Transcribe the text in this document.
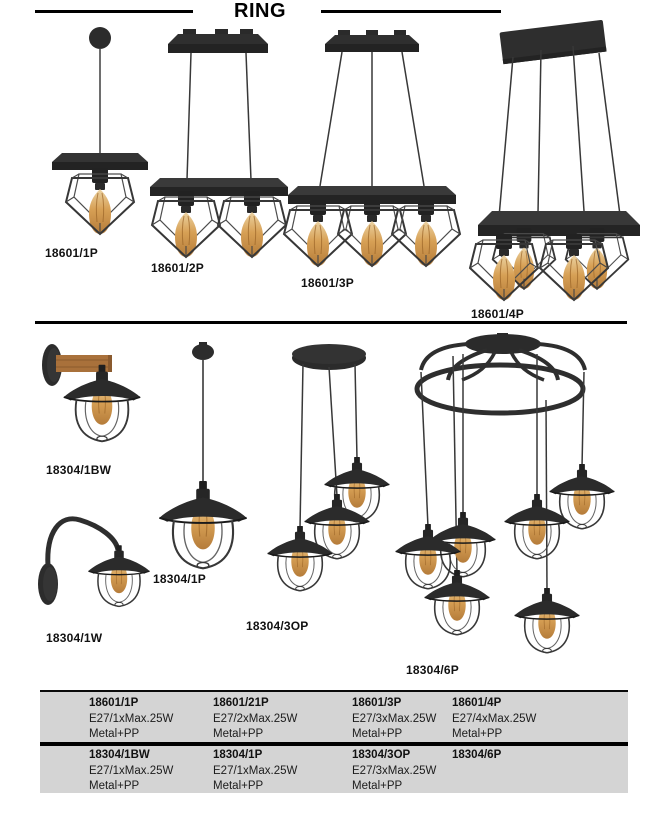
RING
18601/1P
18601/2P
18601/3P
18601/4P
18304/1BW
18304/1P
18304/1W
18304/3OP
18304/6P
18601/1P
E27/1xMax.25W
Metal+PP
18601/21P
E27/2xMax.25W
Metal+PP
18601/3P
E27/3xMax.25W
Metal+PP
18601/4P
E27/4xMax.25W
Metal+PP
18304/1BW
E27/1xMax.25W
Metal+PP
18304/1P
E27/1xMax.25W
Metal+PP
18304/3OP
E27/3xMax.25W
Metal+PP
18304/6P
